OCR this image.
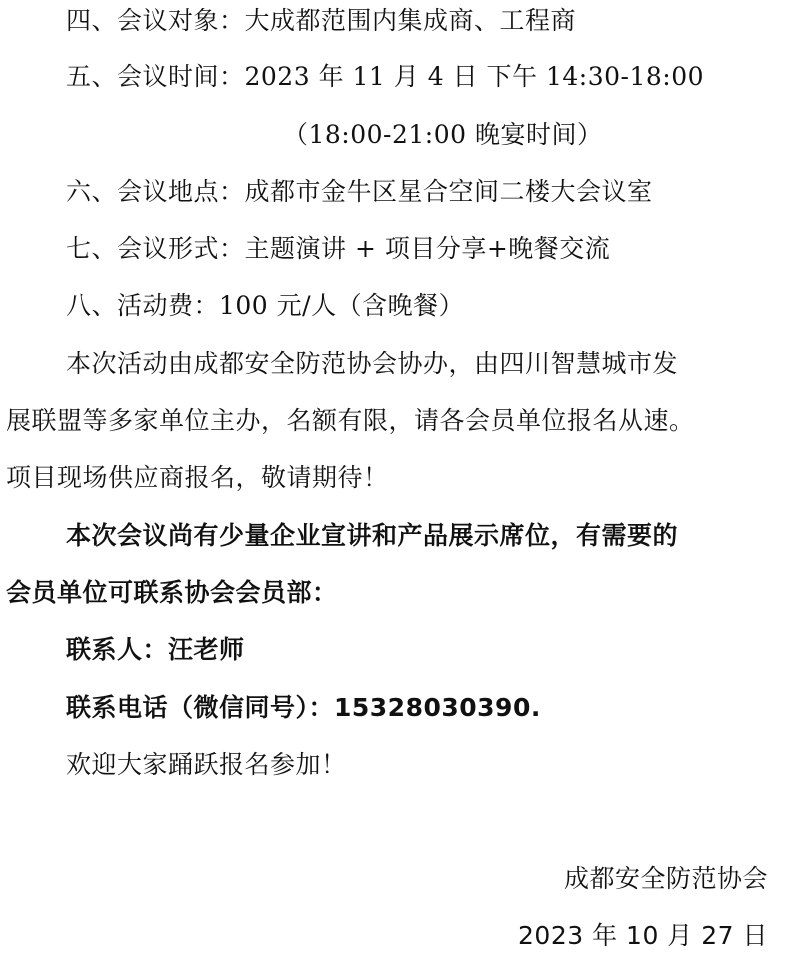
四、会议对象：大成都范围内集成商、工程商
五、会议时间：2023 年 11 月 4 日 下午 14:30-18:00
（18:00-21:00 晚宴时间）
六、会议地点：成都市金牛区星合空间二楼大会议室
七、会议形式：主题演讲 + 项目分享+晚餐交流
八、活动费：100 元/人（含晚餐）
本次活动由成都安全防范协会协办，由四川智慧城市发
展联盟等多家单位主办，名额有限，请各会员单位报名从速。
项目现场供应商报名，敬请期待！
本次会议尚有少量企业宣讲和产品展示席位，有需要的
会员单位可联系协会会员部：
联系人：汪老师
联系电话（微信同号）：15328030390.
欢迎大家踊跃报名参加！
成都安全防范协会
2023 年 10 月 27 日
